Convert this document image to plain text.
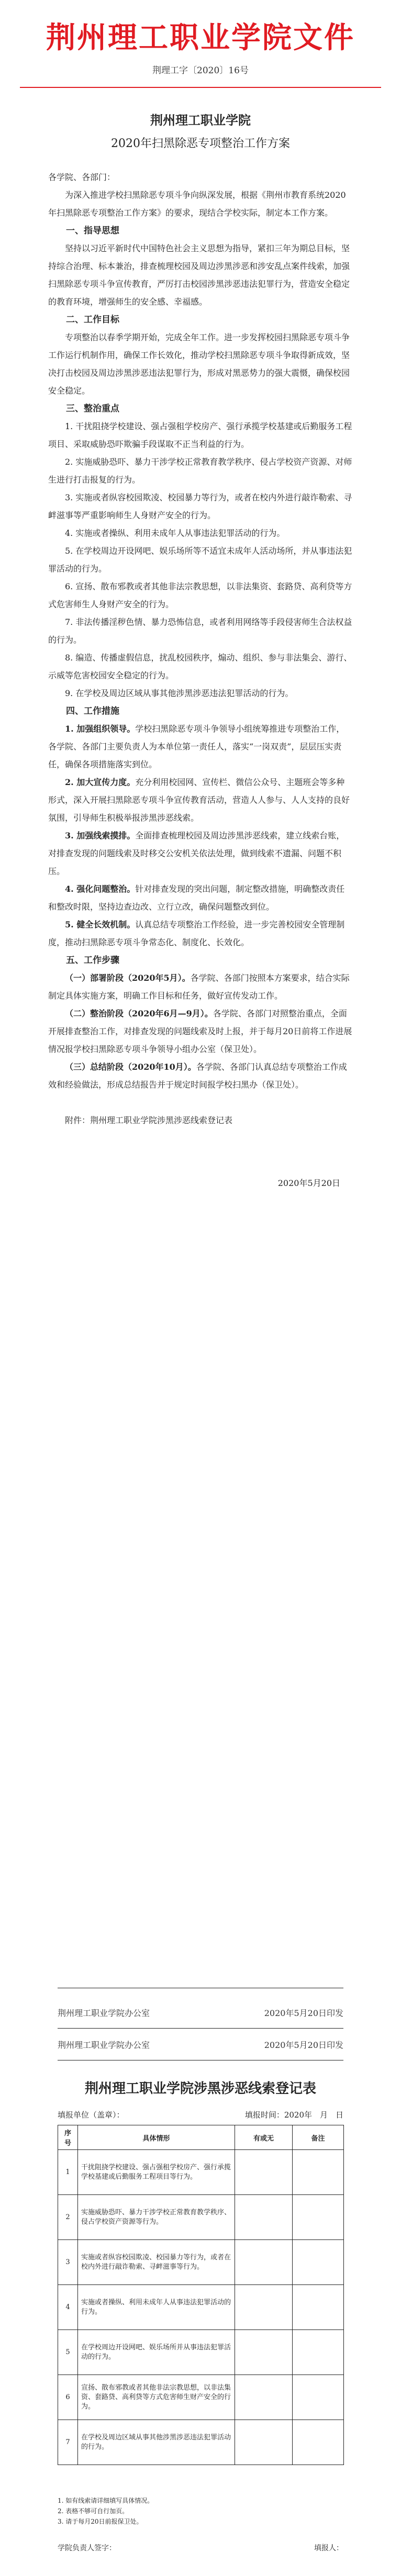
荆州理工职业学院文件
荆理工字〔2020〕16号
荆州理工职业学院
2020年扫黑除恶专项整治工作方案

各学院、各部门：

为深入推进学校扫黑除恶专项斗争向纵深发展，根据《荆州市教育系统2020年扫黑除恶专项整治工作方案》的要求，现结合学校实际，制定本工作方案。

一、指导思想

坚持以习近平新时代中国特色社会主义思想为指导，紧扣三年为期总目标，坚持综合治理、标本兼治，排查梳理校园及周边涉黑涉恶和涉安乱点案件线索，加强扫黑除恶专项斗争宣传教育，严厉打击校园涉黑涉恶违法犯罪行为，营造安全稳定的教育环境，增强师生的安全感、幸福感。

二、工作目标

专项整治以春季学期开始，完成全年工作。进一步发挥校园扫黑除恶专项斗争工作运行机制作用，确保工作长效化，推动学校扫黑除恶专项斗争取得新成效，坚决打击校园及周边涉黑涉恶违法犯罪行为，形成对黑恶势力的强大震慑，确保校园安全稳定。

三、整治重点

1. 干扰阻挠学校建设、强占强租学校房产、强行承揽学校基建或后勤服务工程项目、采取威胁恐吓欺骗手段谋取不正当利益的行为。

2. 实施威胁恐吓、暴力干涉学校正常教育教学秩序、侵占学校资产资源、对师生进行打击报复的行为。

3. 实施或者纵容校园欺凌、校园暴力等行为，或者在校内外进行敲诈勒索、寻衅滋事等严重影响师生人身财产安全的行为。

4. 实施或者操纵、利用未成年人从事违法犯罪活动的行为。

5. 在学校周边开设网吧、娱乐场所等不适宜未成年人活动场所，并从事违法犯罪活动的行为。

6. 宣扬、散布邪教或者其他非法宗教思想，以非法集资、套路贷、高利贷等方式危害师生人身财产安全的行为。

7. 非法传播淫秽色情、暴力恐怖信息，或者利用网络等手段侵害师生合法权益的行为。

8. 编造、传播虚假信息，扰乱校园秩序，煽动、组织、参与非法集会、游行、示威等危害校园安全稳定的行为。

9. 在学校及周边区域从事其他涉黑涉恶违法犯罪活动的行为。

四、工作措施

1. 加强组织领导。学校扫黑除恶专项斗争领导小组统筹推进专项整治工作，各学院、各部门主要负责人为本单位第一责任人，落实“一岗双责”，层层压实责任，确保各项措施落实到位。

2. 加大宣传力度。充分利用校园网、宣传栏、微信公众号、主题班会等多种形式，深入开展扫黑除恶专项斗争宣传教育活动，营造人人参与、人人支持的良好氛围，引导师生积极举报涉黑涉恶线索。

3. 加强线索摸排。全面排查梳理校园及周边涉黑涉恶线索，建立线索台账，对排查发现的问题线索及时移交公安机关依法处理，做到线索不遗漏、问题不积压。

4. 强化问题整治。针对排查发现的突出问题，制定整改措施，明确整改责任和整改时限，坚持边查边改、立行立改，确保问题整改到位。

5. 健全长效机制。认真总结专项整治工作经验，进一步完善校园安全管理制度，推动扫黑除恶专项斗争常态化、制度化、长效化。

五、工作步骤

（一）部署阶段（2020年5月）。各学院、各部门按照本方案要求，结合实际制定具体实施方案，明确工作目标和任务，做好宣传发动工作。

（二）整治阶段（2020年6月—9月）。各学院、各部门对照整治重点，全面开展排查整治工作，对排查发现的问题线索及时上报，并于每月20日前将工作进展情况报学校扫黑除恶专项斗争领导小组办公室（保卫处）。

（三）总结阶段（2020年10月）。各学院、各部门认真总结专项整治工作成效和经验做法，形成总结报告并于规定时间报学校扫黑办（保卫处）。

附件：荆州理工职业学院涉黑涉恶线索登记表

2020年5月20日
荆州理工职业学院办公室	2020年5月20日印发
荆州理工职业学院办公室	2020年5月20日印发
荆州理工职业学院涉黑涉恶线索登记表
填报单位（盖章）：	填报时间：2020年　月　日
序号	具体情形	有或无	备注
1	干扰阻挠学校建设、强占强租学校房产、强行承揽学校基建或后勤服务工程项目等行为。		
2	实施威胁恐吓、暴力干涉学校正常教育教学秩序、侵占学校资产资源等行为。		
3	实施或者纵容校园欺凌、校园暴力等行为，或者在校内外进行敲诈勒索、寻衅滋事等行为。		
4	实施或者操纵、利用未成年人从事违法犯罪活动的行为。		
5	在学校周边开设网吧、娱乐场所并从事违法犯罪活动的行为。		
6	宣扬、散布邪教或者其他非法宗教思想，以非法集资、套路贷、高利贷等方式危害师生财产安全的行为。		
7	在学校及周边区域从事其他涉黑涉恶违法犯罪活动的行为。		
1. 如有线索请详细填写具体情况。
2. 表格不够可自行加页。
3. 请于每月20日前报保卫处。
学院负责人签字：	填报人：
